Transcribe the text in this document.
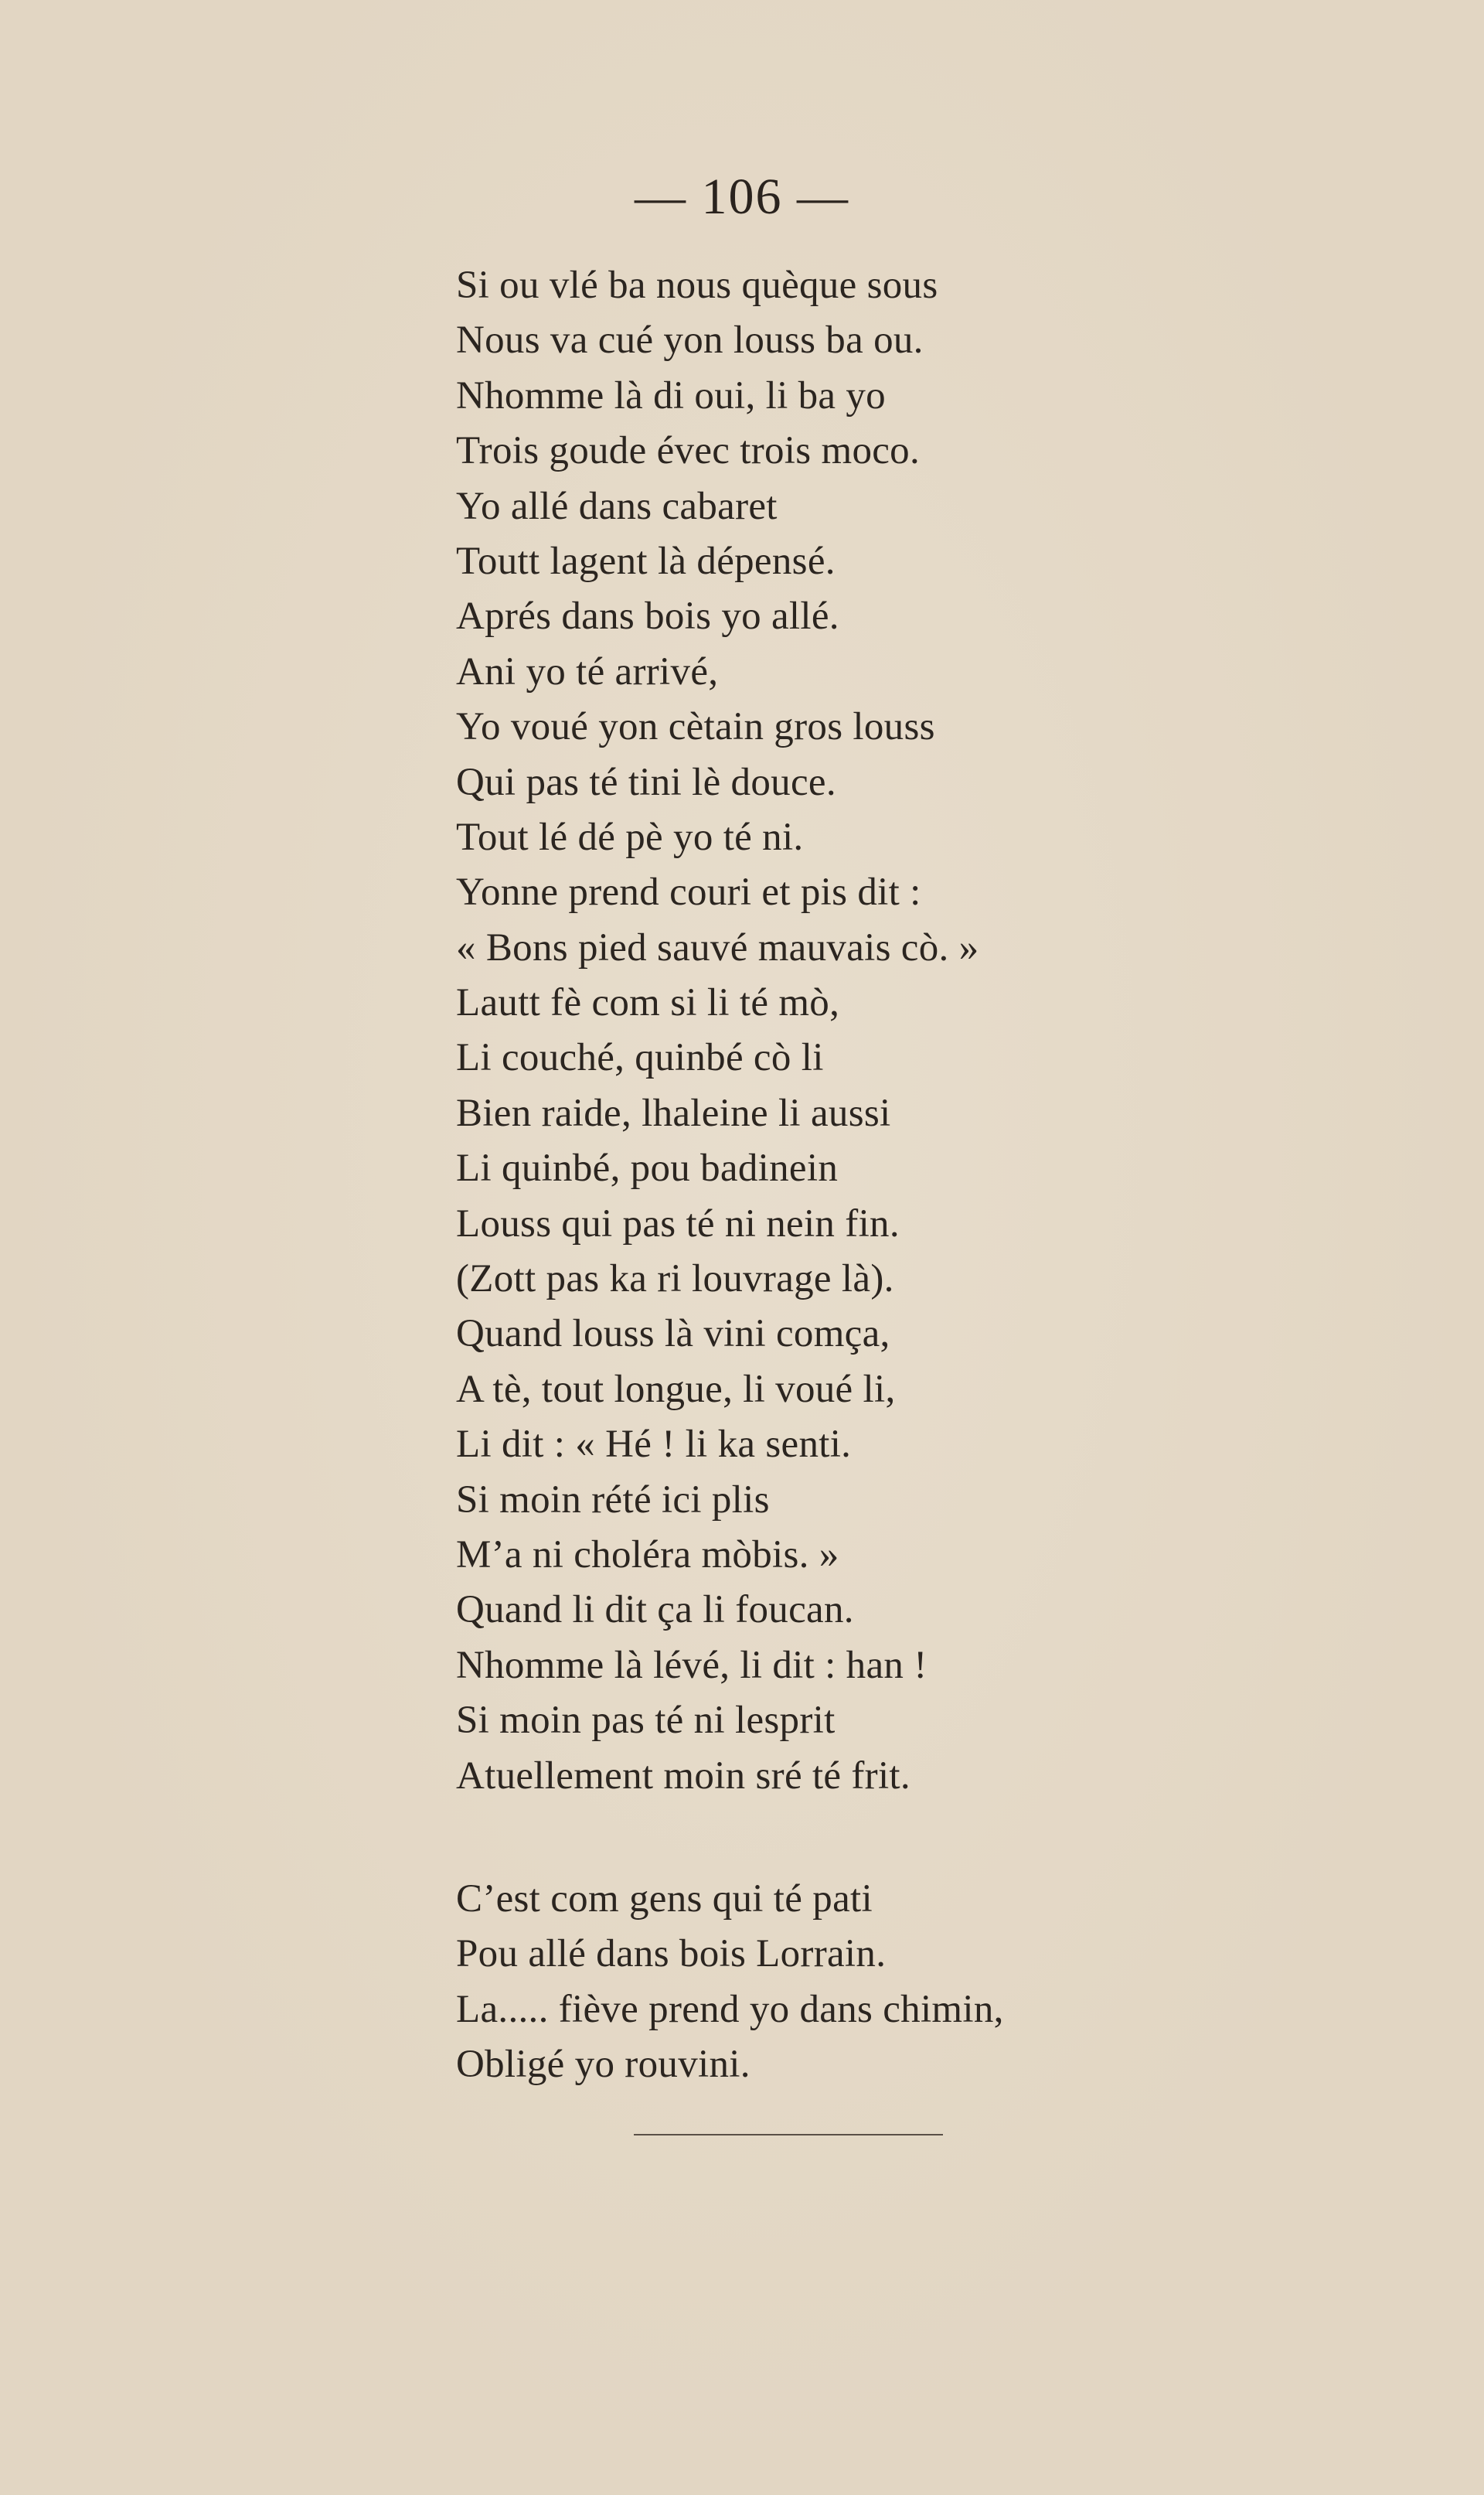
— 106 —
Si ou vlé ba nous quèque sous
Nous va cué yon louss ba ou.
Nhomme là di oui, li ba yo
Trois goude évec trois moco.
Yo allé dans cabaret
Toutt lagent là dépensé.
Aprés dans bois yo allé.
Ani yo té arrivé,
Yo voué yon cètain gros louss
Qui pas té tini lè douce.
Tout lé dé pè yo té ni.
Yonne prend couri et pis dit :
« Bons pied sauvé mauvais cò. »
Lautt fè com si li té mò,
Li couché, quinbé cò li
Bien raide, lhaleine li aussi
Li quinbé, pou badinein
Louss qui pas té ni nein fin.
(Zott pas ka ri louvrage là).
Quand louss là vini comça,
A tè, tout longue, li voué li,
Li dit : « Hé ! li ka senti.
Si moin rété ici plis
M’a ni choléra mòbis. »
Quand li dit ça li foucan.
Nhomme là lévé, li dit : han !
Si moin pas té ni lesprit
Atuellement moin sré té frit.
C’est com gens qui té pati
Pou allé dans bois Lorrain.
La..... fiève prend yo dans chimin,
Obligé yo rouvini.
